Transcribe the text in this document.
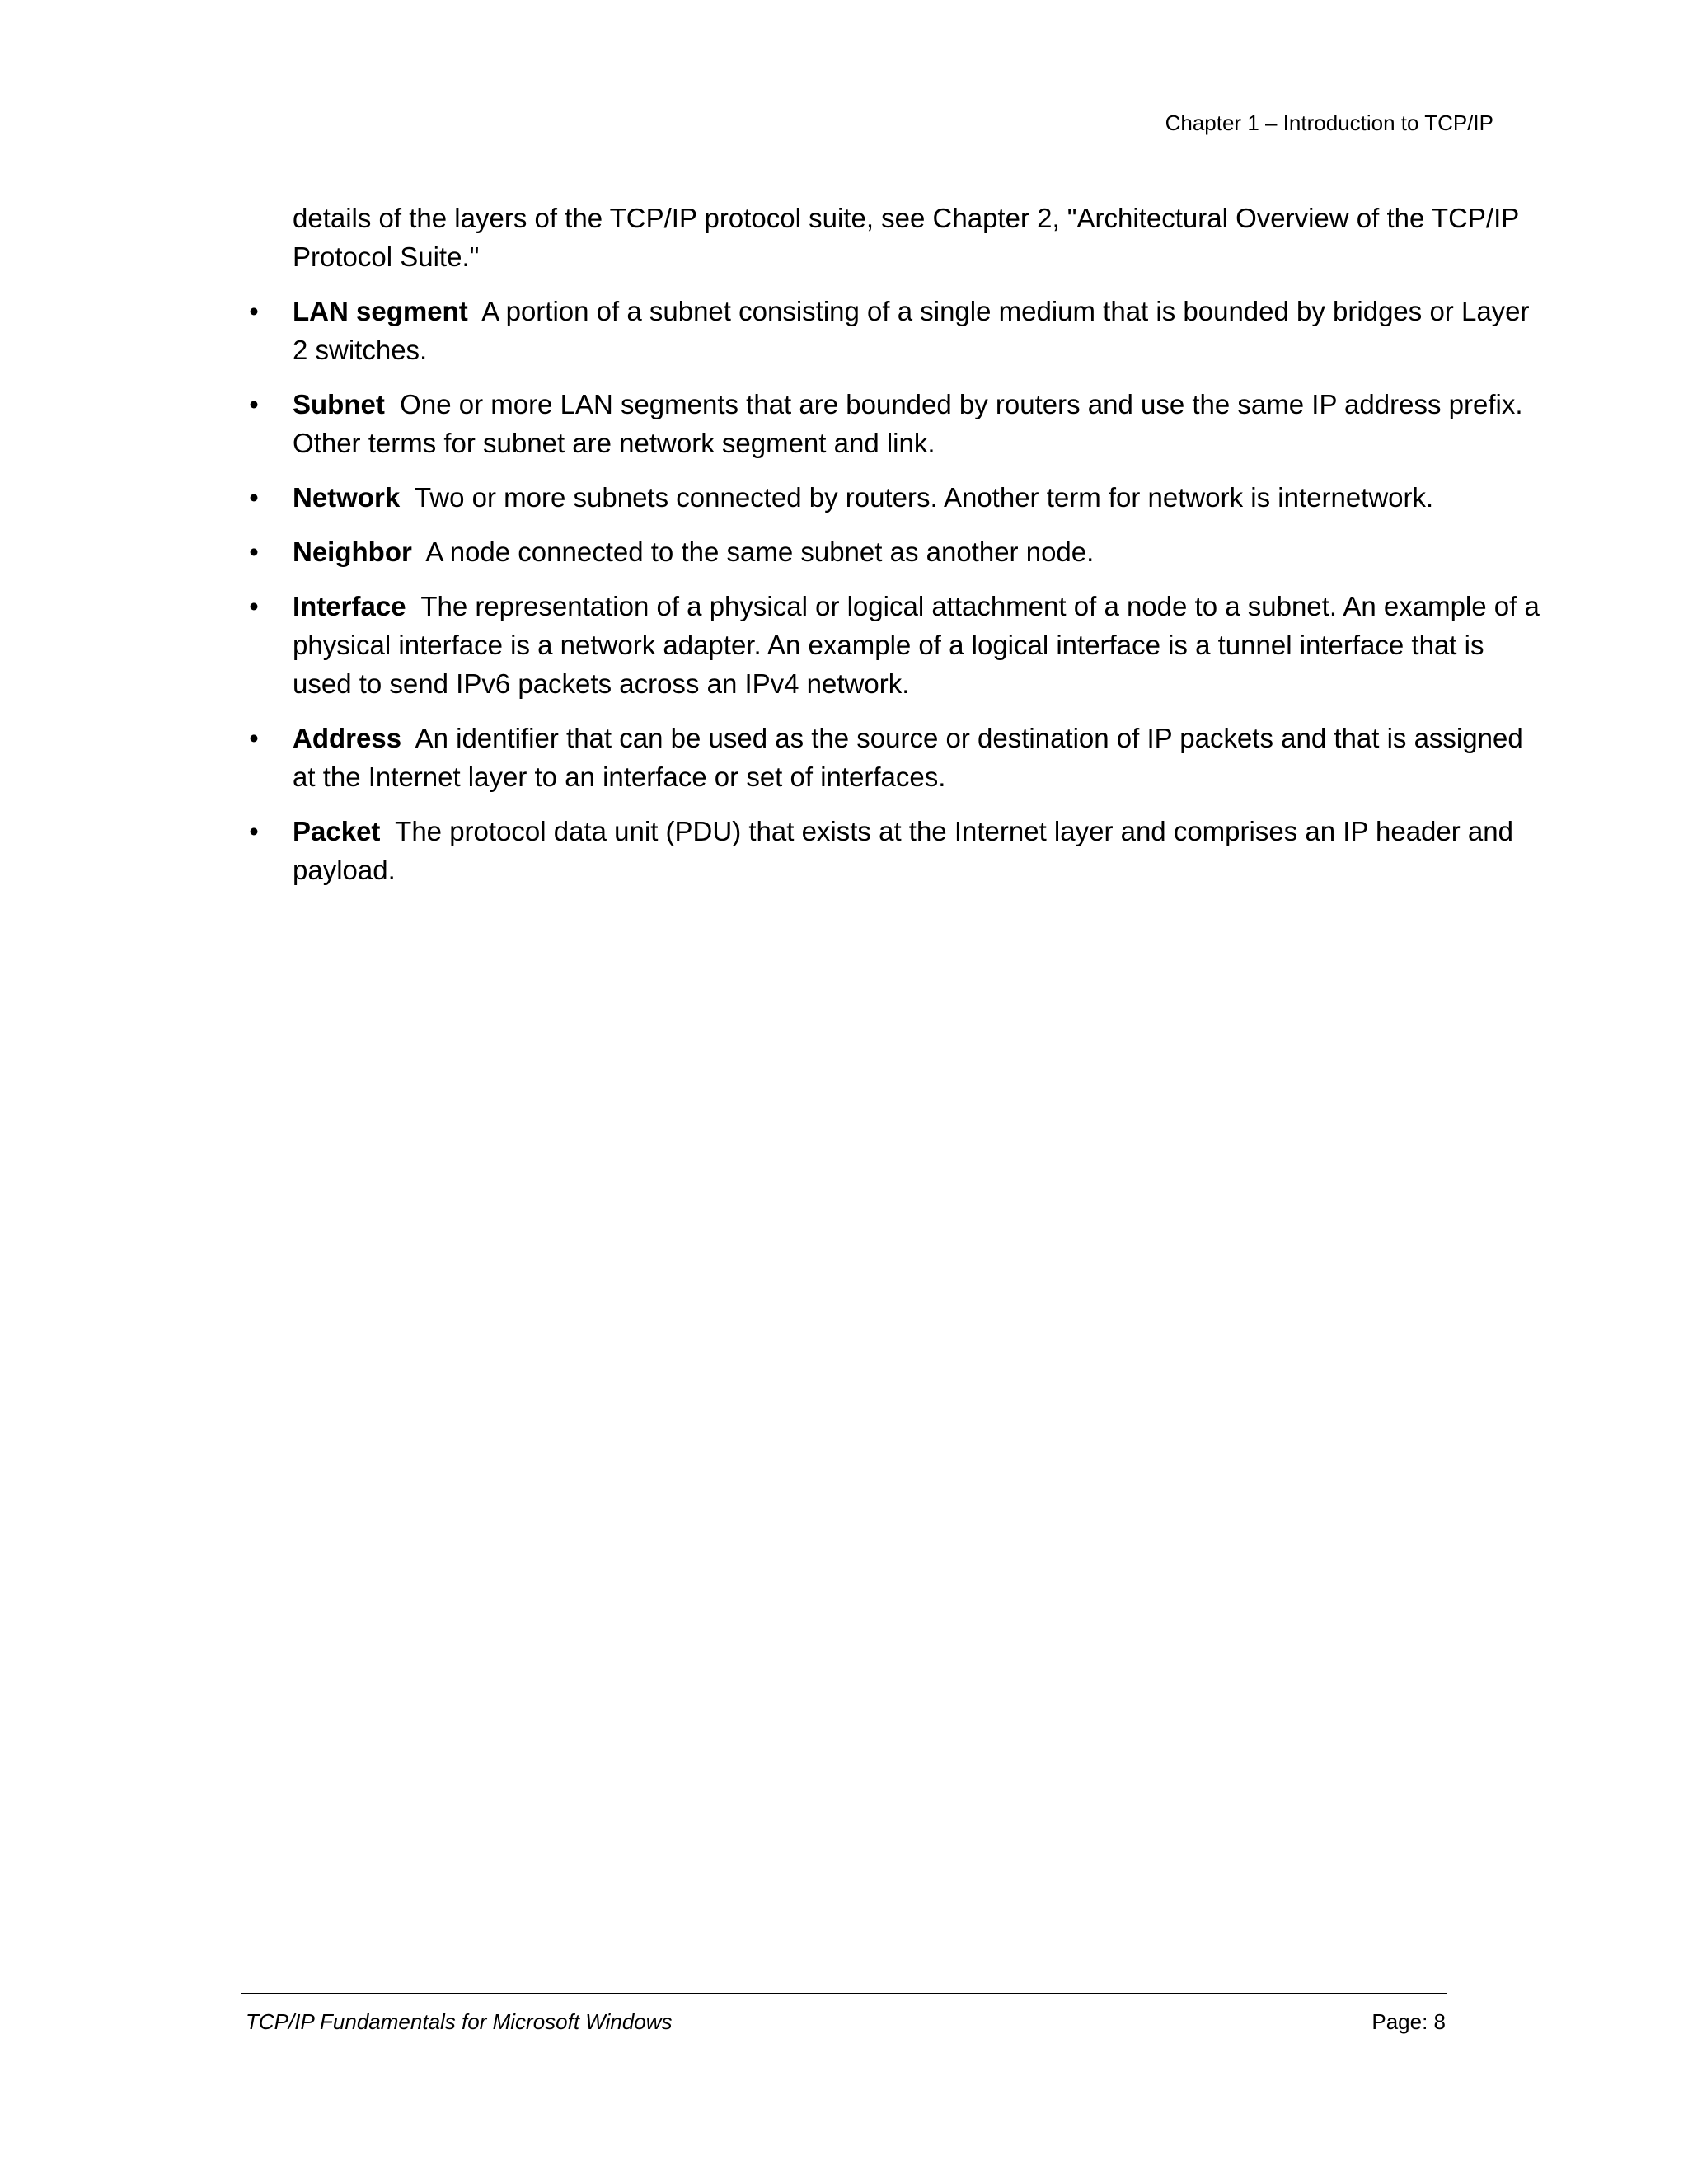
Chapter 1 – Introduction to TCP/IP

details of the layers of the TCP/IP protocol suite, see Chapter 2, "Architectural Overview of the TCP/IP Protocol Suite."

• LAN segment A portion of a subnet consisting of a single medium that is bounded by bridges or Layer 2 switches.
• Subnet One or more LAN segments that are bounded by routers and use the same IP address prefix. Other terms for subnet are network segment and link.
• Network Two or more subnets connected by routers. Another term for network is internetwork.
• Neighbor A node connected to the same subnet as another node.
• Interface The representation of a physical or logical attachment of a node to a subnet. An example of a physical interface is a network adapter. An example of a logical interface is a tunnel interface that is used to send IPv6 packets across an IPv4 network.
• Address An identifier that can be used as the source or destination of IP packets and that is assigned at the Internet layer to an interface or set of interfaces.
• Packet The protocol data unit (PDU) that exists at the Internet layer and comprises an IP header and payload.
TCP/IP Fundamentals for Microsoft Windows	Page: 8
